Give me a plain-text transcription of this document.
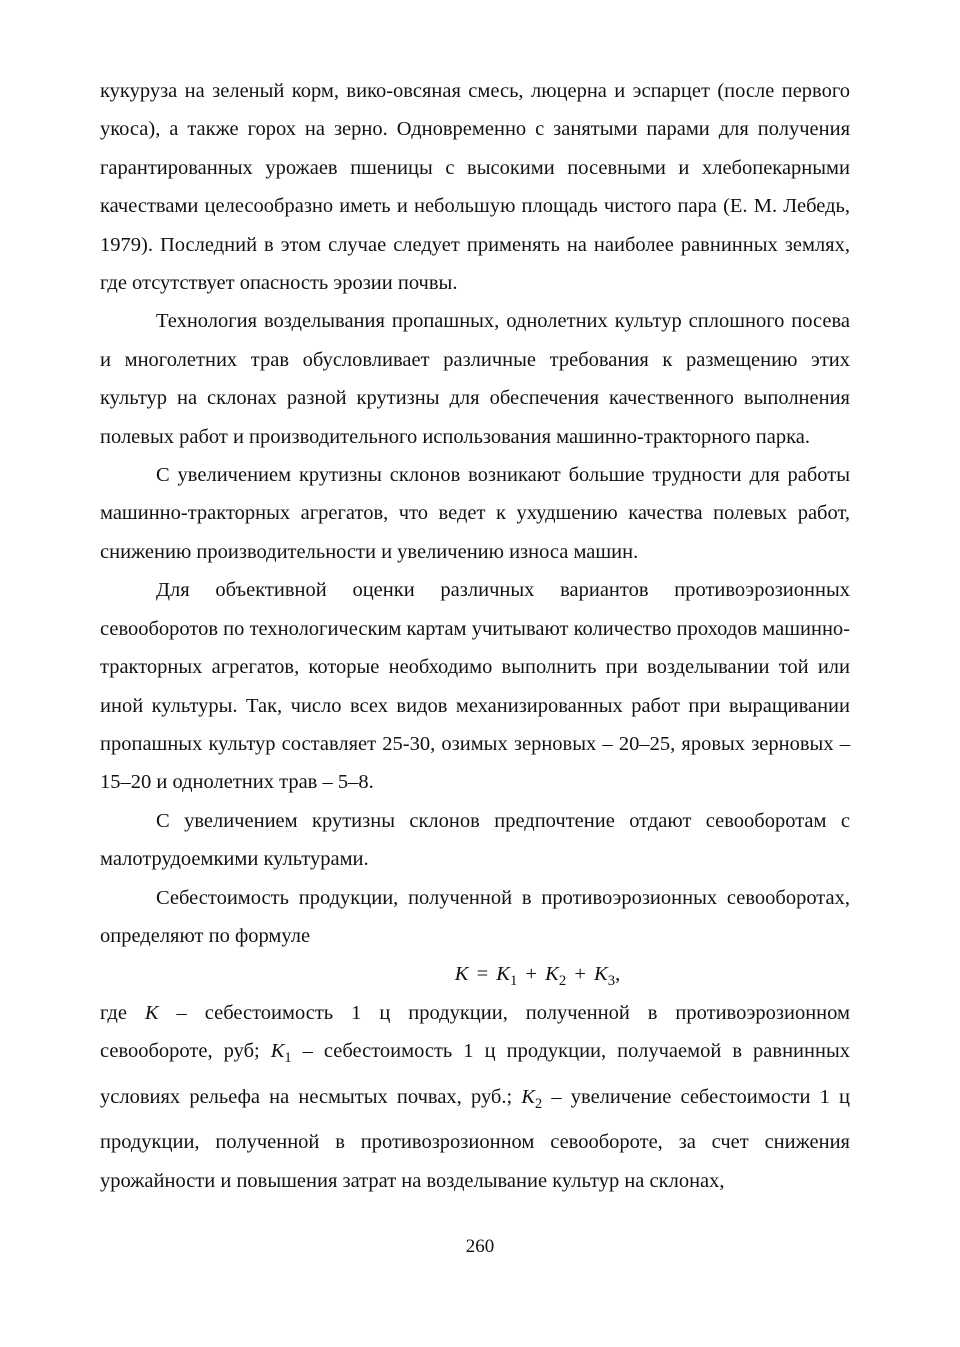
кукуруза на зеленый корм, вико-овсяная смесь, люцерна и эспарцет (после первого укоса), а также горох на зерно. Одновременно с занятыми парами для получения гарантированных урожаев пшеницы с высокими посевными и хлебопекарными качествами целесообразно иметь и небольшую площадь чистого пара (Е. М. Лебедь, 1979). Последний в этом случае следует применять на наиболее равнинных землях, где отсутствует опасность эрозии почвы.

Технология возделывания пропашных, однолетних культур сплошного посева и многолетних трав обусловливает различные требования к размещению этих культур на склонах разной крутизны для обеспечения качественного выполнения полевых работ и производительного использования машинно-тракторного парка.

С увеличением крутизны склонов возникают большие трудности для работы машинно-тракторных агрегатов, что ведет к ухудшению качества полевых работ, снижению производительности и увеличению износа машин.

Для объективной оценки различных вариантов противоэрозионных севооборотов по технологическим картам учитывают количество проходов машинно-тракторных агрегатов, которые необходимо выполнить при возделывании той или иной культуры. Так, число всех видов механизированных работ при выращивании пропашных культур составляет 25-30, озимых зерновых – 20–25, яровых зерновых – 15–20 и однолетних трав – 5–8.

С увеличением крутизны склонов предпочтение отдают севооборотам с малотрудоемкими культурами.

Себестоимость продукции, полученной в противоэрозионных севооборотах, определяют по формуле

$K = K_1 + K_2 + K_3$,

где K – себестоимость 1 ц продукции, полученной в противоэрозионном севообороте, руб; $K_1$ – себестоимость 1 ц продукции, получаемой в равнинных условиях рельефа на несмытых почвах, руб.; $K_2$ – увеличение себестоимости 1 ц продукции, полученной в противозрозионном севообороте, за счет снижения урожайности и повышения затрат на возделывание культур на склонах,

260
